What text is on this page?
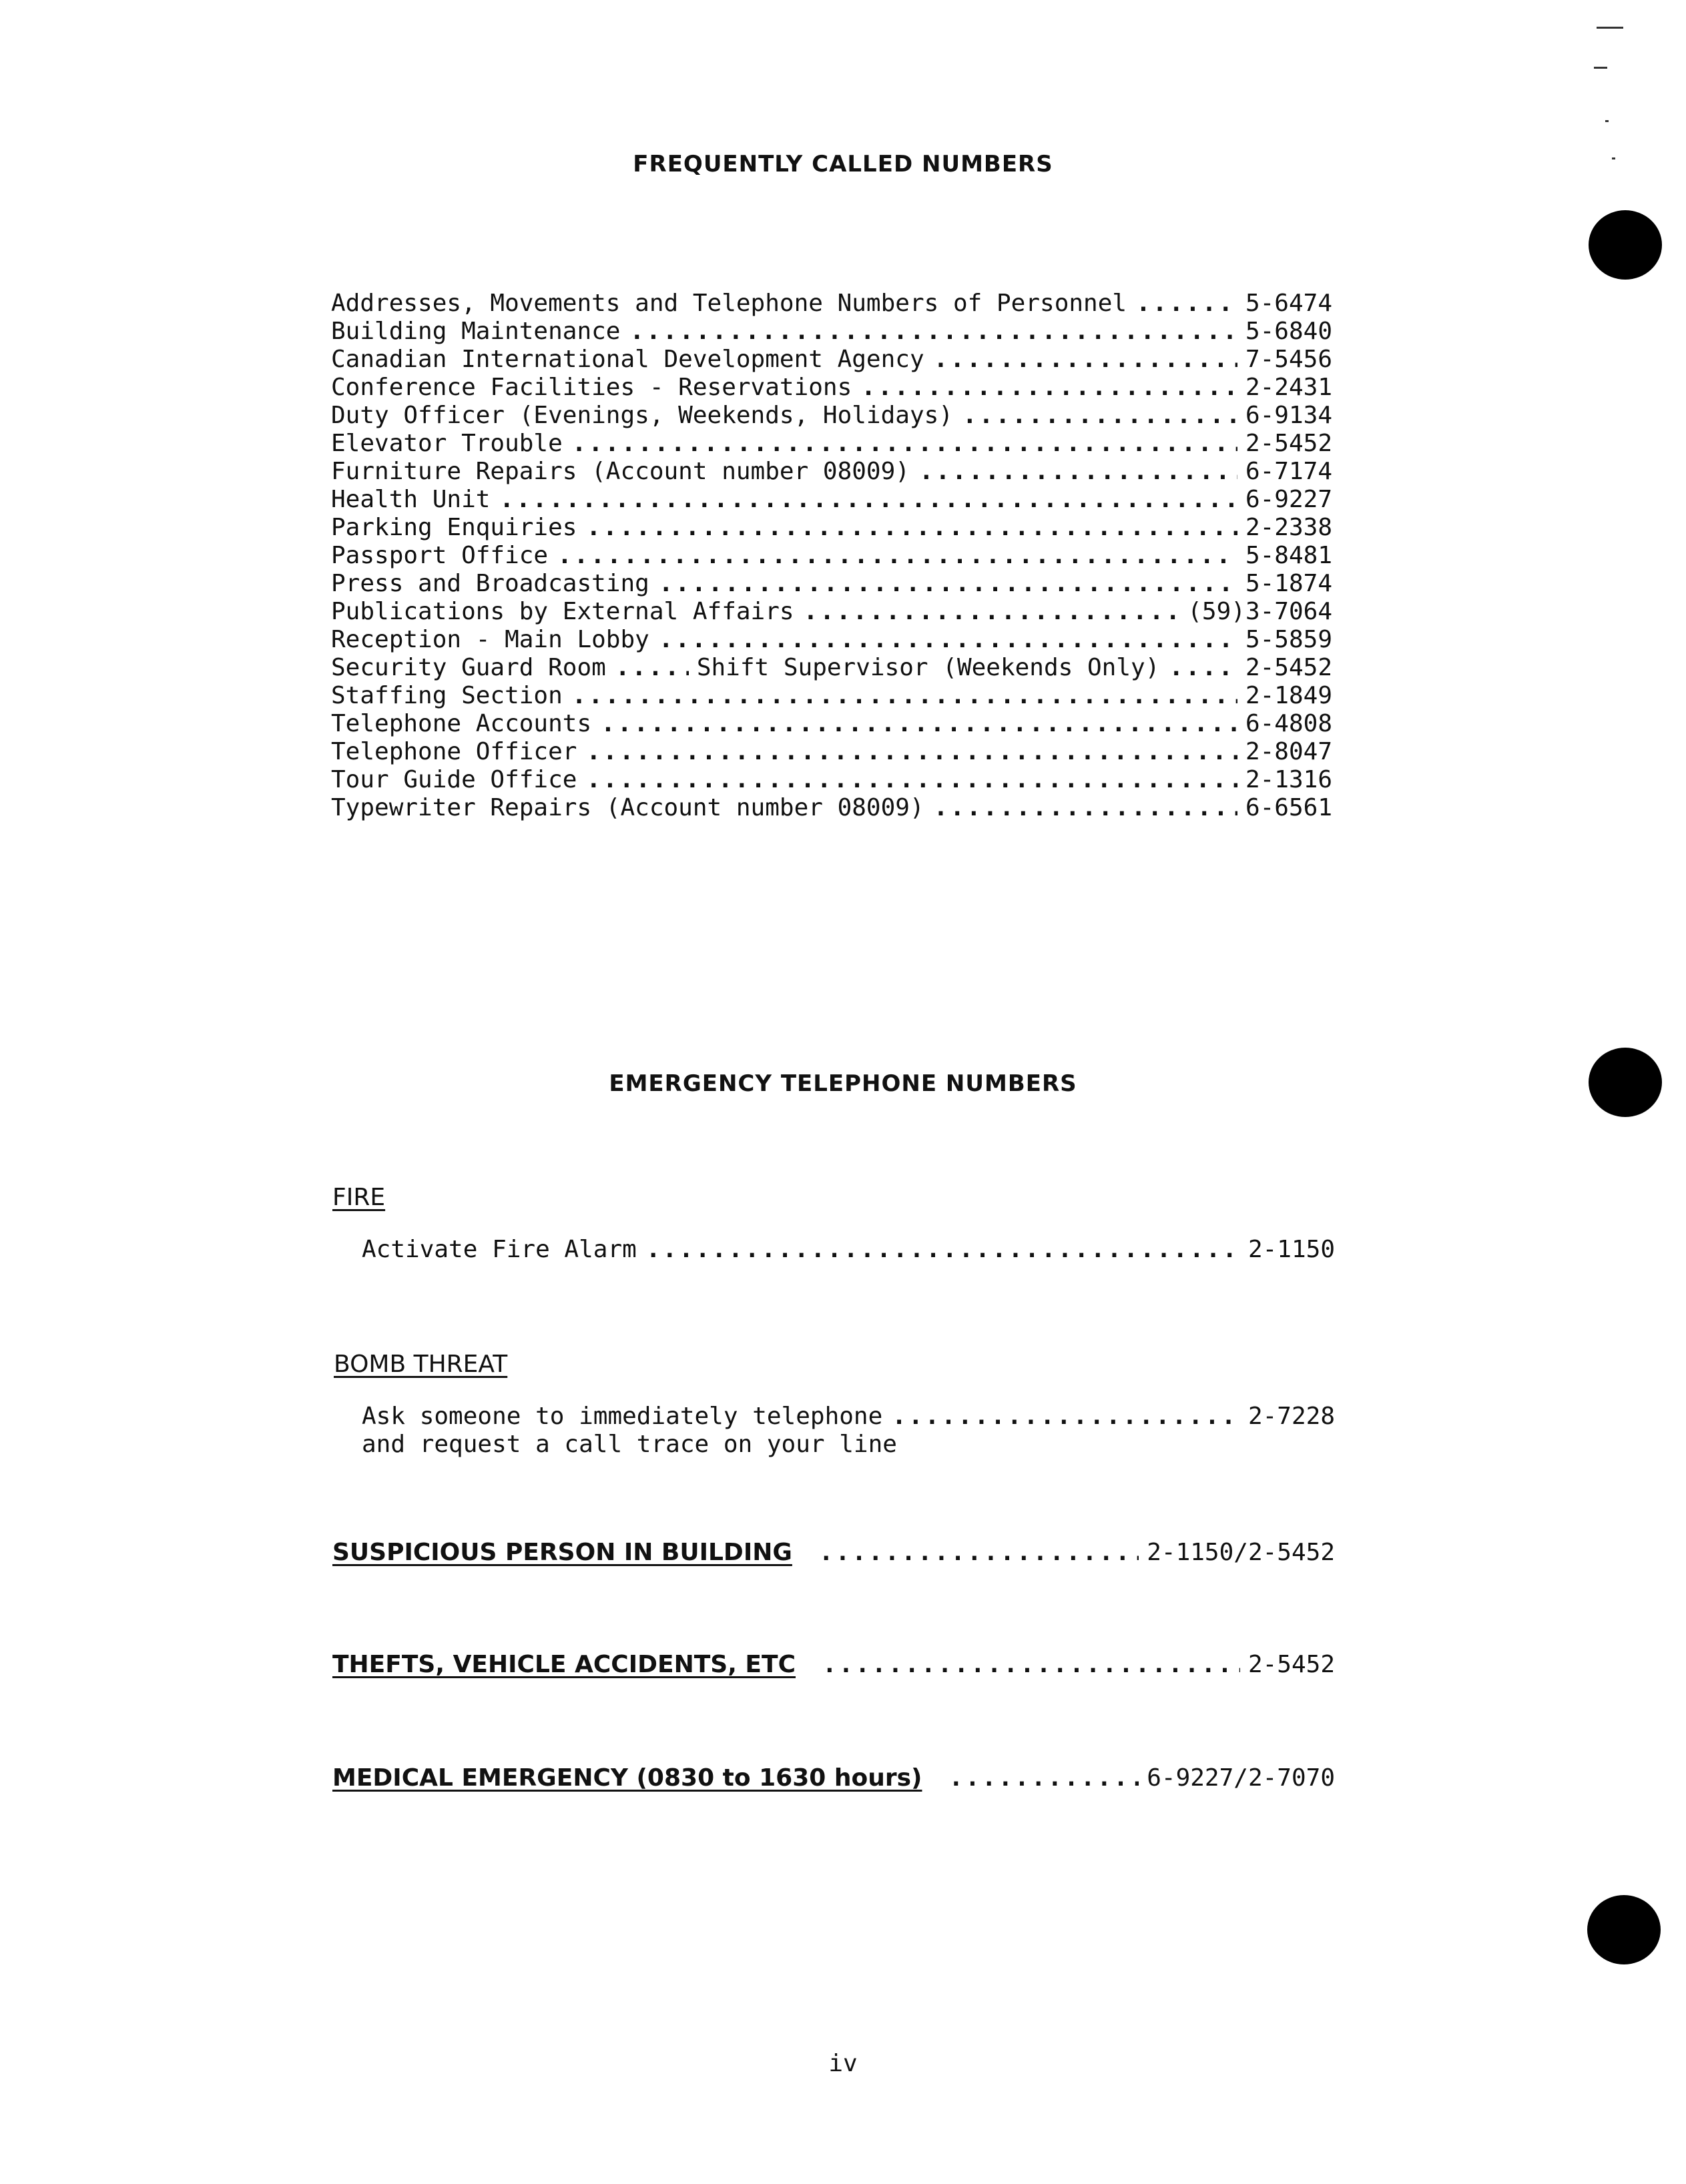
FREQUENTLY CALLED NUMBERS
Addresses, Movements and Telephone Numbers of Personnel .....	5-6474
Building Maintenance .....	5-6840
Canadian International Development Agency .....	7-5456
Conference Facilities - Reservations .....	2-2431
Duty Officer (Evenings, Weekends, Holidays) .....	6-9134
Elevator Trouble .....	2-5452
Furniture Repairs (Account number 08009) .....	6-7174
Health Unit .....	6-9227
Parking Enquiries .....	2-2338
Passport Office .....	5-8481
Press and Broadcasting .....	5-1874
Publications by External Affairs .....	(59)3-7064
Reception - Main Lobby .....	5-5859
Security Guard Room .....	Shift Supervisor (Weekends Only) .....	2-5452
Staffing Section .....	2-1849
Telephone Accounts .....	6-4808
Telephone Officer .....	2-8047
Tour Guide Office .....	2-1316
Typewriter Repairs (Account number 08009) .....	6-6561
EMERGENCY TELEPHONE NUMBERS
FIRE
Activate Fire Alarm .....	2-1150
BOMB THREAT
Ask someone to immediately telephone .....	2-7228
and request a call trace on your line
SUSPICIOUS PERSON IN BUILDING .....	2-1150/2-5452
THEFTS, VEHICLE ACCIDENTS, ETC .....	2-5452
MEDICAL EMERGENCY (0830 to 1630 hours) .....	6-9227/2-7070
iv
